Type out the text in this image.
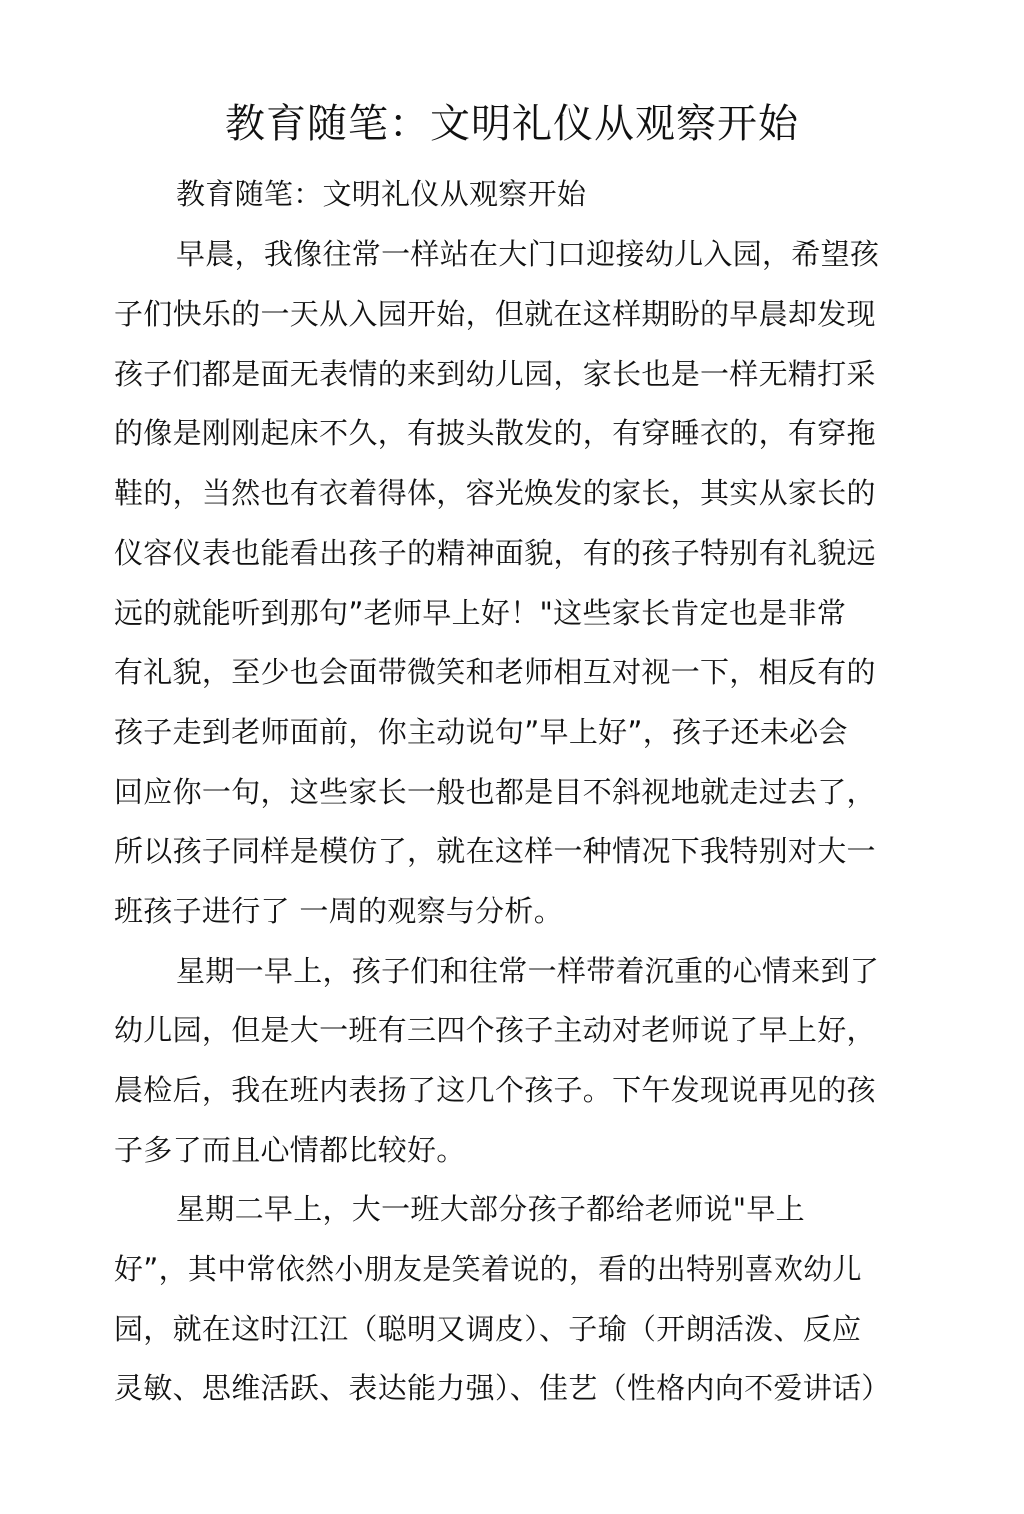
教育随笔：文明礼仪从观察开始
教育随笔：文明礼仪从观察开始
早晨，我像往常一样站在大门口迎接幼儿入园，希望孩
子们快乐的一天从入园开始，但就在这样期盼的早晨却发现
孩子们都是面无表情的来到幼儿园，家长也是一样无精打采
的像是刚刚起床不久，有披头散发的，有穿睡衣的，有穿拖
鞋的，当然也有衣着得体，容光焕发的家长，其实从家长的
仪容仪表也能看出孩子的精神面貌，有的孩子特别有礼貌远
远的就能听到那句”老师早上好！"这些家长肯定也是非常
有礼貌，至少也会面带微笑和老师相互对视一下，相反有的
孩子走到老师面前，你主动说句”早上好”，孩子还未必会
回应你一句，这些家长一般也都是目不斜视地就走过去了，
所以孩子同样是模仿了，就在这样一种情况下我特别对大一
班孩子进行了 一周的观察与分析。
星期一早上，孩子们和往常一样带着沉重的心情来到了
幼儿园，但是大一班有三四个孩子主动对老师说了早上好，
晨检后，我在班内表扬了这几个孩子。下午发现说再见的孩
子多了而且心情都比较好。
星期二早上，大一班大部分孩子都给老师说"早上
好”，其中常依然小朋友是笑着说的，看的出特别喜欢幼儿
园，就在这时江江（聪明又调皮）、子瑜（开朗活泼、反应
灵敏、思维活跃、表达能力强）、佳艺（性格内向不爱讲话）
